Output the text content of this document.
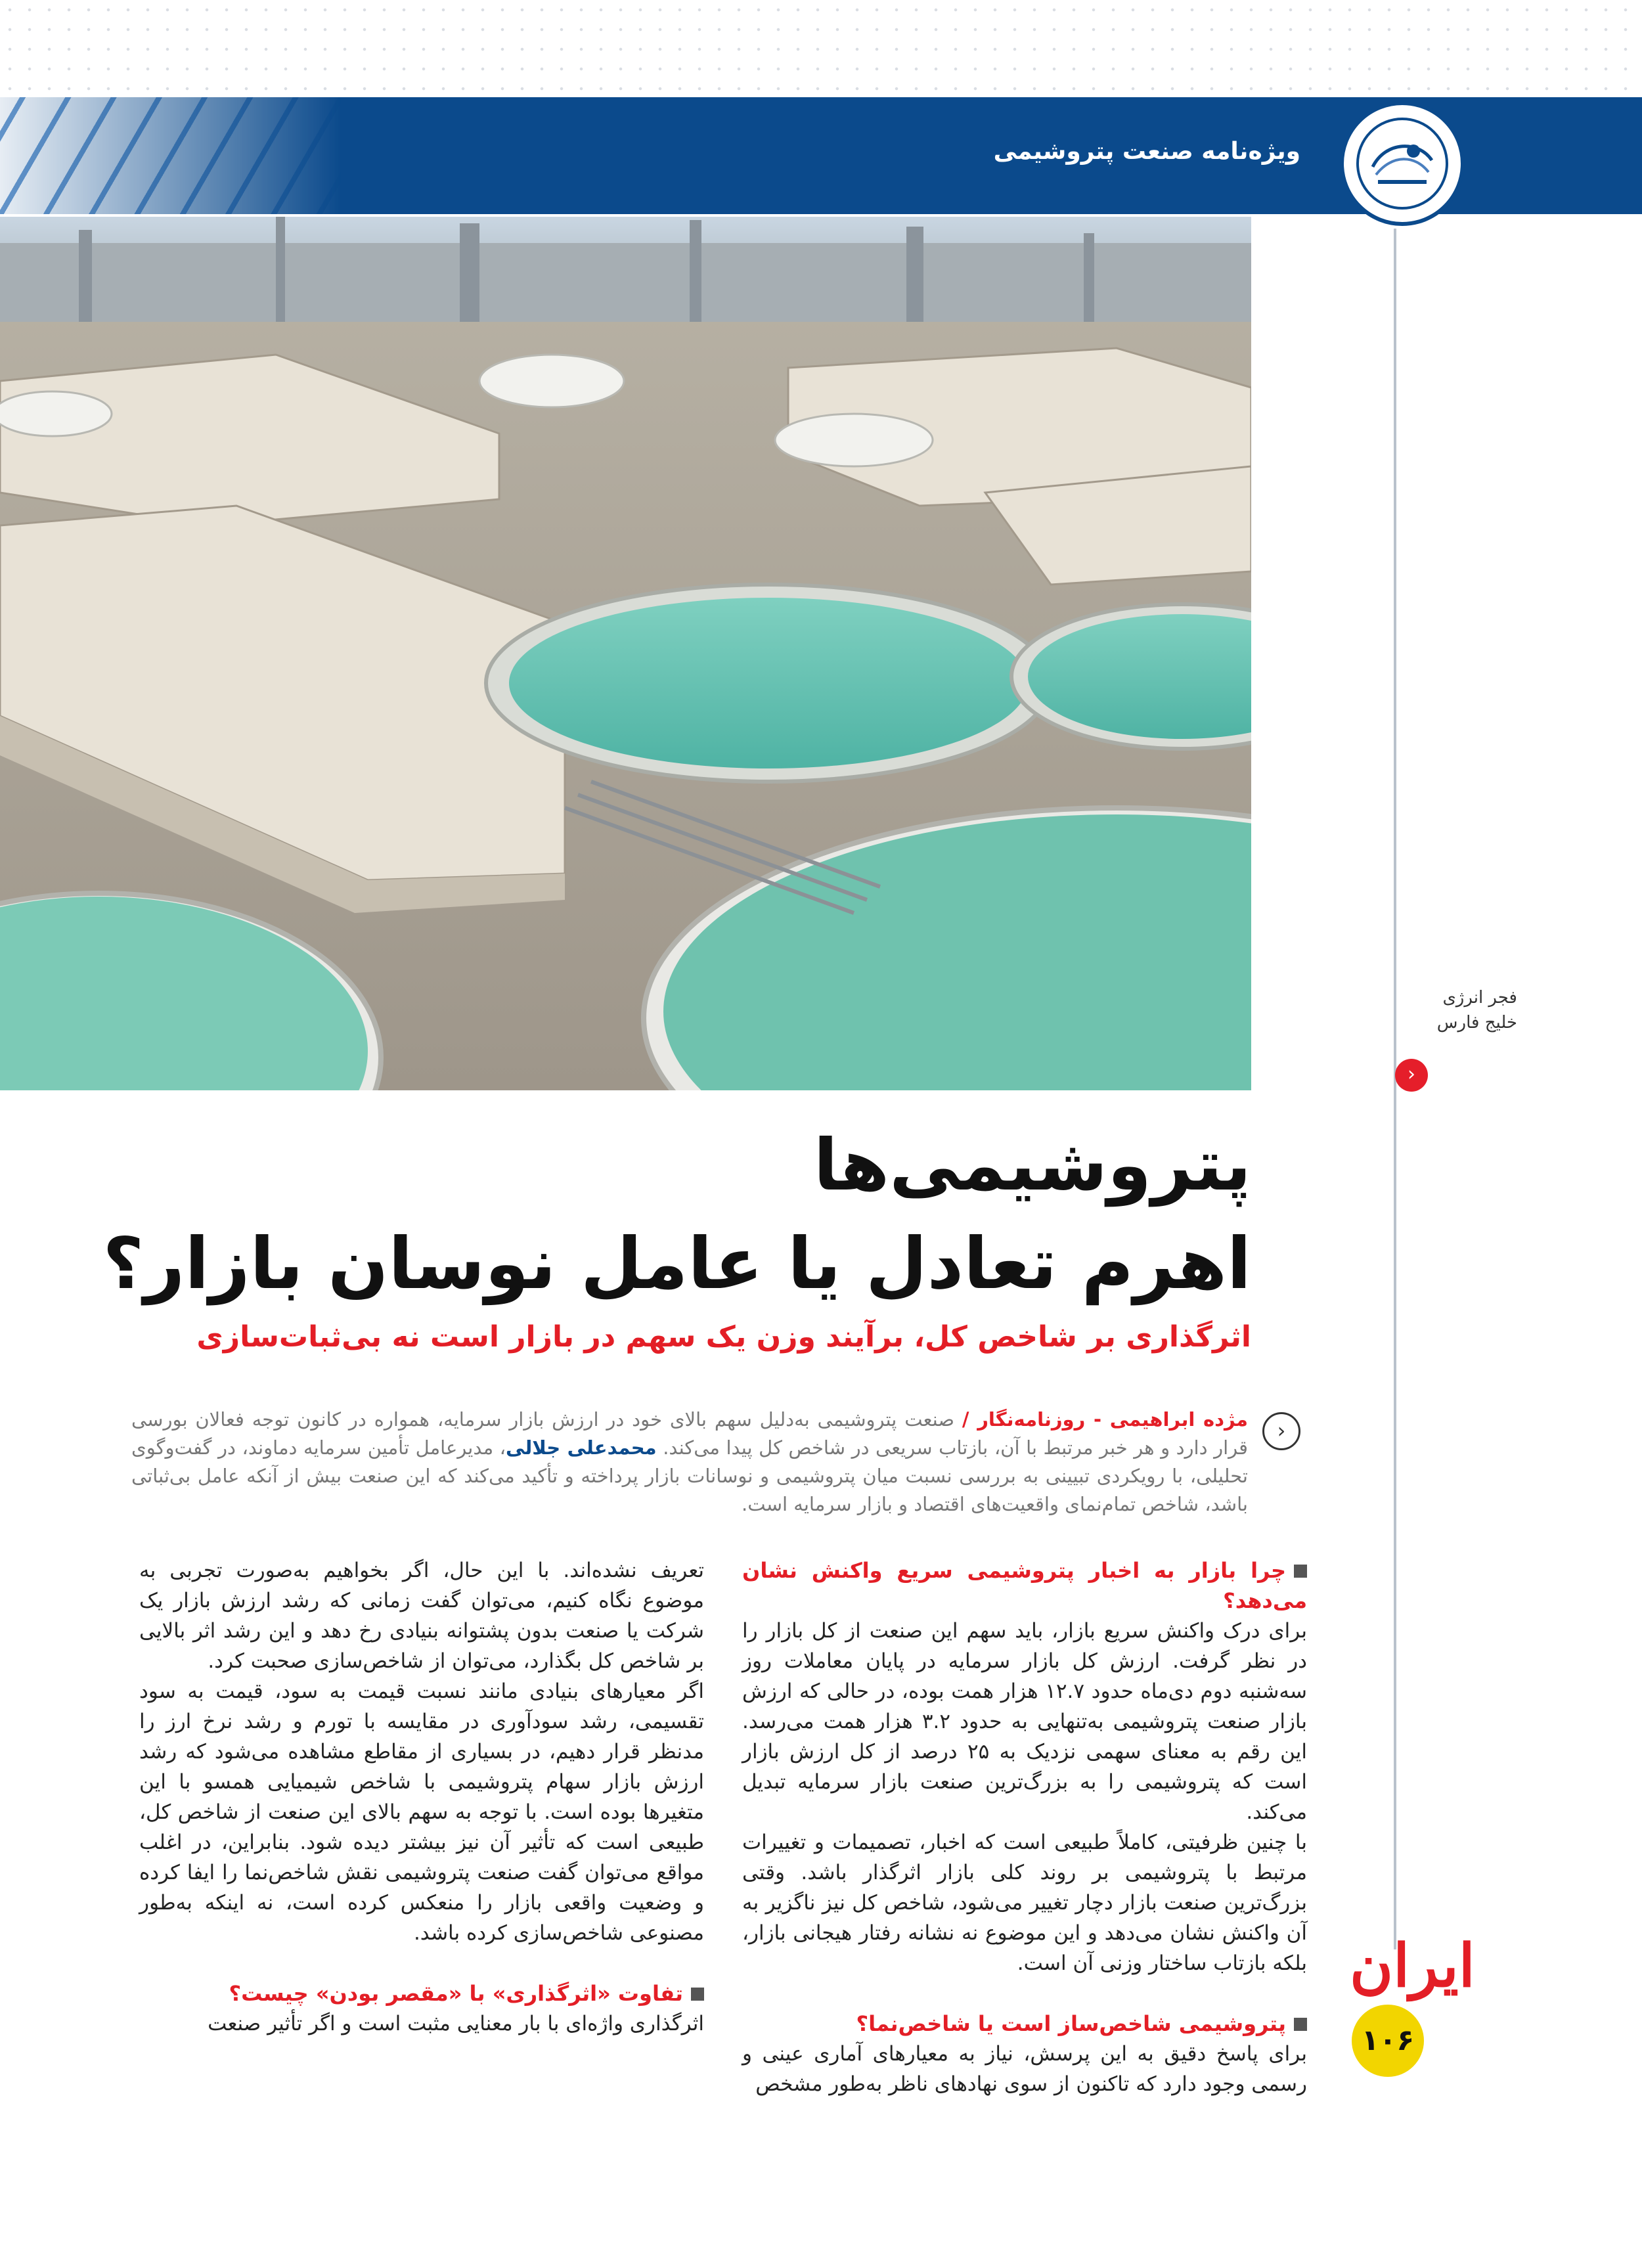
ویژه‌نامه صنعت پتروشیمی
فجر انرژی
خلیج فارس
‹
پتروشیمی‌ها
اهرم تعادل یا عامل نوسان بازار؟
اثرگذاری بر شاخص کل، برآیند وزن یک سهم در بازار است نه بی‌ثبات‌سازی
‹
مژده ابراهیمی - روزنامه‌نگار / صنعت پتروشیمی به‌دلیل سهم بالای خود در ارزش بازار سرمایه، همواره در کانون توجه فعالان بورسی قرار دارد و هر خبر مرتبط با آن، بازتاب سریعی در شاخص کل پیدا می‌کند. محمدعلی جلالی، مدیرعامل تأمین سرمایه دماوند، در گفت‌وگوی تحلیلی، با رویکردی تبیینی به بررسی نسبت میان پتروشیمی و نوسانات بازار پرداخته و تأکید می‌کند که این صنعت بیش از آنکه عامل بی‌ثباتی باشد، شاخص تمام‌نمای واقعیت‌های اقتصاد و بازار سرمایه است.
چرا بازار به اخبار پتروشیمی سریع واکنش نشان می‌دهد؟

برای درک واکنش سریع بازار، باید سهم این صنعت از کل بازار را در نظر گرفت. ارزش کل بازار سرمایه در پایان معاملات روز سه‌شنبه دوم دی‌ماه حدود ۱۲.۷ هزار همت بوده، در حالی که ارزش بازار صنعت پتروشیمی به‌تنهایی به حدود ۳.۲ هزار همت می‌رسد. این رقم به معنای سهمی نزدیک به ۲۵ درصد از کل ارزش بازار است که پتروشیمی را به بزرگ‌ترین صنعت بازار سرمایه تبدیل می‌کند.

با چنین ظرفیتی، کاملاً طبیعی است که اخبار، تصمیمات و تغییرات مرتبط با پتروشیمی بر روند کلی بازار اثرگذار باشد. وقتی بزرگ‌ترین صنعت بازار دچار تغییر می‌شود، شاخص کل نیز ناگزیر به آن واکنش نشان می‌دهد و این موضوع نه نشانه رفتار هیجانی بازار، بلکه بازتاب ساختار وزنی آن است.

پتروشیمی شاخص‌ساز است یا شاخص‌نما؟

برای پاسخ دقیق به این پرسش، نیاز به معیارهای آماری عینی و رسمی وجود دارد که تاکنون از سوی نهادهای ناظر به‌طور مشخص

تعریف نشده‌اند. با این حال، اگر بخواهیم به‌صورت تجربی به موضوع نگاه کنیم، می‌توان گفت زمانی که رشد ارزش بازار یک شرکت یا صنعت بدون پشتوانه بنیادی رخ دهد و این رشد اثر بالایی بر شاخص کل بگذارد، می‌توان از شاخص‌سازی صحبت کرد.

اگر معیارهای بنیادی مانند نسبت قیمت به سود، قیمت به سود تقسیمی، رشد سودآوری در مقایسه با تورم و رشد نرخ ارز را مدنظر قرار دهیم، در بسیاری از مقاطع مشاهده می‌شود که رشد ارزش بازار سهام پتروشیمی با شاخص شیمیایی همسو با این متغیرها بوده است. با توجه به سهم بالای این صنعت از شاخص کل، طبیعی است که تأثیر آن نیز بیشتر دیده شود. بنابراین، در اغلب مواقع می‌توان گفت صنعت پتروشیمی نقش شاخص‌نما را ایفا کرده و وضعیت واقعی بازار را منعکس کرده است، نه اینکه به‌طور مصنوعی شاخص‌سازی کرده باشد.

تفاوت «اثرگذاری» با «مقصر بودن» چیست؟

اثرگذاری واژه‌ای با بار معنایی مثبت است و اگر تأثیر صنعت

ایران
۱۰۶
